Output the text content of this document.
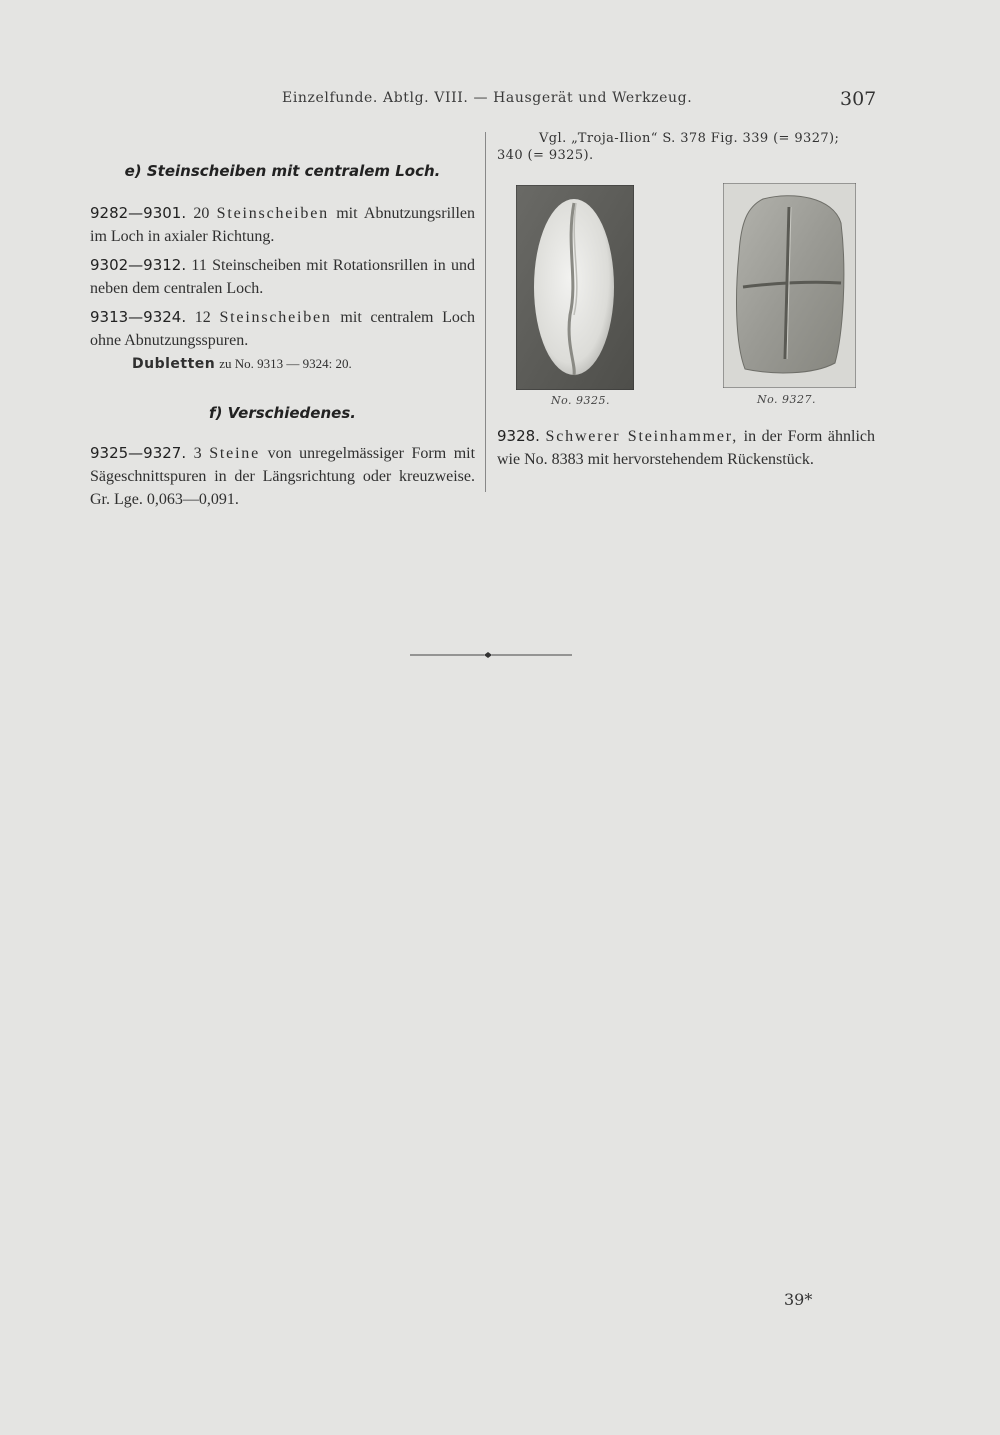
Einzelfunde. Abtlg. VIII. — Hausgerät und Werkzeug.	307

e) Steinscheiben mit centralem Loch.

9282—9301. 20 Steinscheiben mit Abnutzungsrillen im Loch in axialer Richtung.

9302—9312. 11 Steinscheiben mit Rotationsrillen in und neben dem centralen Loch.

9313—9324. 12 Steinscheiben mit centralem Loch ohne Abnutzungsspuren.

Dubletten zu No. 9313 — 9324: 20.

f) Verschiedenes.

9325—9327. 3 Steine von unregelmässiger Form mit Sägeschnittspuren in der Längsrichtung oder kreuzweise. Gr. Lge. 0,063—0,091.

Vgl. „Troja-Ilion“ S. 378 Fig. 339 (= 9327);

340 (= 9325).

No. 9325.	No. 9327.

9328. Schwerer Steinhammer, in der Form ähnlich wie No. 8383 mit hervorstehendem Rückenstück.

39*
